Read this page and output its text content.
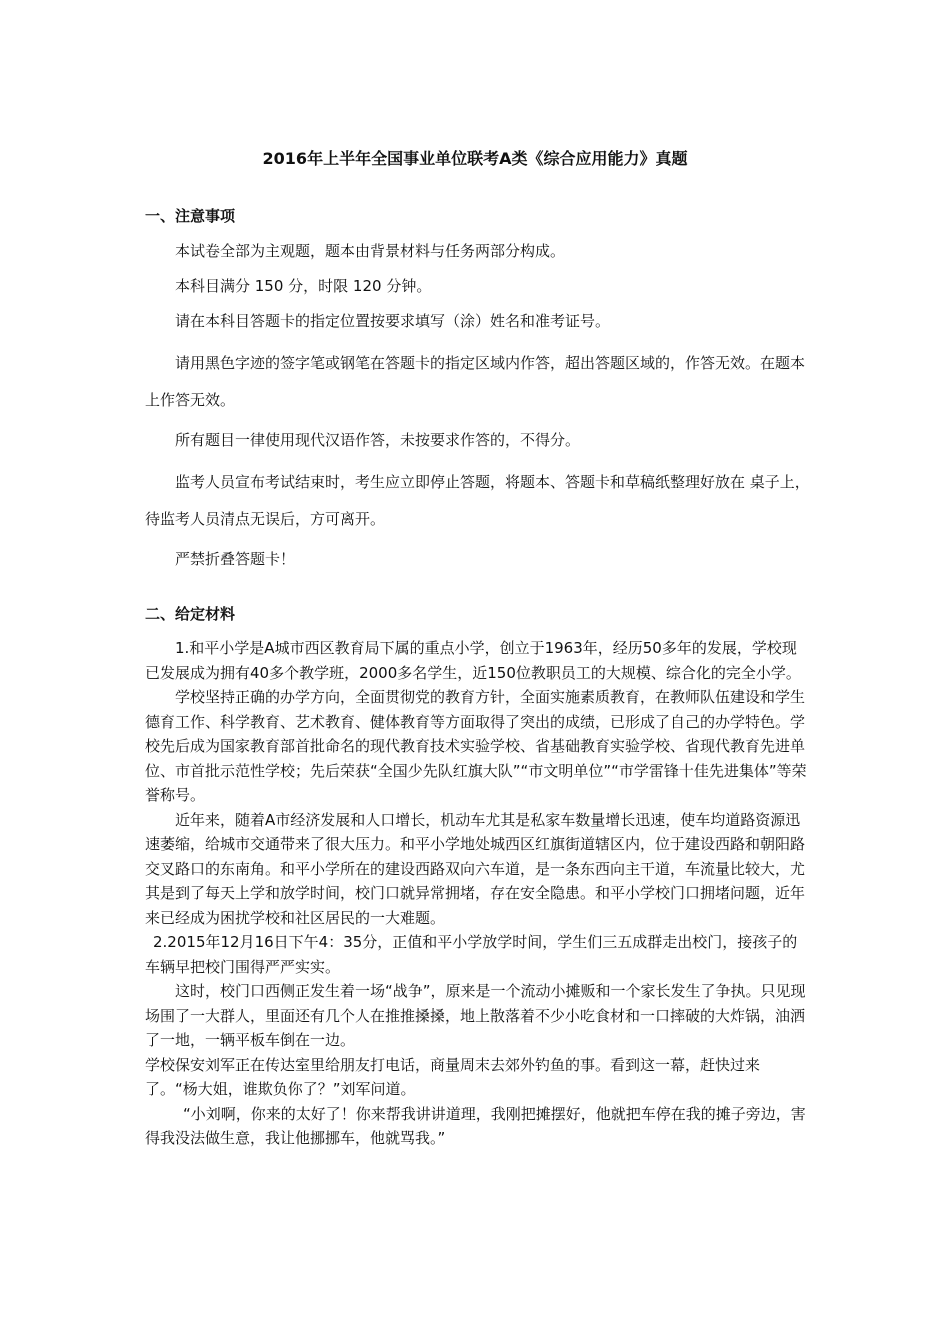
2016年上半年全国事业单位联考A类《综合应用能力》真题
一、注意事项

本试卷全部为主观题，题本由背景材料与任务两部分构成。

本科目满分 150 分，时限 120 分钟。

请在本科目答题卡的指定位置按要求填写（涂）姓名和准考证号。

请用黑色字迹的签字笔或钢笔在答题卡的指定区域内作答，超出答题区域的，作答无效。在题本上作答无效。

所有题目一律使用现代汉语作答，未按要求作答的，不得分。

监考人员宣布考试结束时，考生应立即停止答题，将题本、答题卡和草稿纸整理好放在 桌子上，待监考人员清点无误后，方可离开。

严禁折叠答题卡！

二、给定材料

1.和平小学是A城市西区教育局下属的重点小学，创立于1963年，经历50多年的发展，学校现已发展成为拥有40多个教学班，2000多名学生，近150位教职员工的大规模、综合化的完全小学。

学校坚持正确的办学方向，全面贯彻党的教育方针，全面实施素质教育，在教师队伍建设和学生德育工作、科学教育、艺术教育、健体教育等方面取得了突出的成绩，已形成了自己的办学特色。学校先后成为国家教育部首批命名的现代教育技术实验学校、省基础教育实验学校、省现代教育先进单位、市首批示范性学校；先后荣获“全国少先队红旗大队”“市文明单位”“市学雷锋十佳先进集体”等荣誉称号。

近年来，随着A市经济发展和人口增长，机动车尤其是私家车数量增长迅速，使车均道路资源迅速萎缩，给城市交通带来了很大压力。和平小学地处城西区红旗街道辖区内，位于建设西路和朝阳路交叉路口的东南角。和平小学所在的建设西路双向六车道，是一条东西向主干道，车流量比较大，尤其是到了每天上学和放学时间，校门口就异常拥堵，存在安全隐患。和平小学校门口拥堵问题，近年来已经成为困扰学校和社区居民的一大难题。

2.2015年12月16日下午4：35分，正值和平小学放学时间，学生们三五成群走出校门，接孩子的车辆早把校门围得严严实实。

这时，校门口西侧正发生着一场“战争”，原来是一个流动小摊贩和一个家长发生了争执。只见现场围了一大群人，里面还有几个人在推推搡搡，地上散落着不少小吃食材和一口摔破的大炸锅，油洒了一地，一辆平板车倒在一边。

学校保安刘军正在传达室里给朋友打电话，商量周末去郊外钓鱼的事。看到这一幕，赶快过来了。“杨大姐，谁欺负你了？”刘军问道。

“小刘啊，你来的太好了！你来帮我讲讲道理，我刚把摊摆好，他就把车停在我的摊子旁边，害得我没法做生意，我让他挪挪车，他就骂我。”
